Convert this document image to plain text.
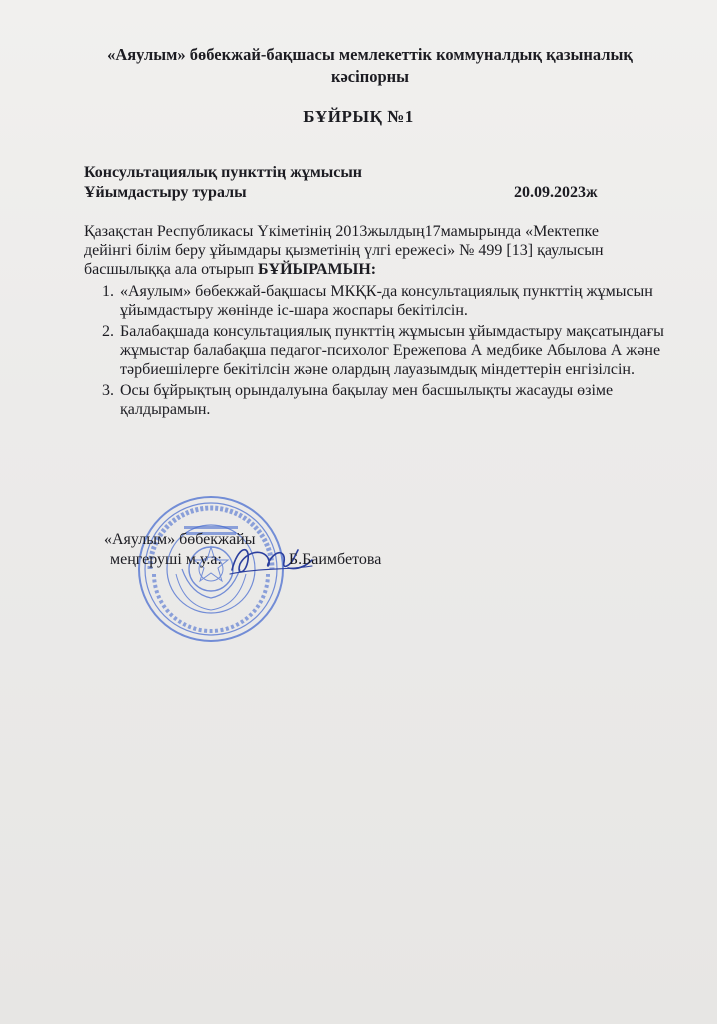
«Аяулым» бөбекжай-бақшасы мемлекеттік коммуналдық қазыналық кәсіпорны
БҰЙРЫҚ №1
Консультациялық пункттің жұмысын
Ұйымдастыру туралы	20.09.2023ж
Қазақстан Республикасы Үкіметінің 2013жылдың17мамырында «Мектепке дейінгі білім беру ұйымдары қызметінің үлгі ережесі» № 499 [13] қаулысын басшылыққа ала отырып БҰЙЫРАМЫН:
1. «Аяулым» бөбекжай-бақшасы МКҚК-да консультациялық пункттің жұмысын ұйымдастыру жөнінде іс-шара жоспары бекітілсін.
2. Балабақшада консультациялық пункттің жұмысын ұйымдастыру мақсатындағы жұмыстар балабақша педагог-психолог Ережепова А медбике Абылова А және тәрбиешілерге бекітілсін және олардың лауазымдық міндеттерін енгізілсін.
3. Осы бұйрықтың орындалуына бақылау мен басшылықты жасауды өзіме қалдырамын.
«Аяулым» бөбекжайы
меңгеруші м.у.а:	Б.Баимбетова
